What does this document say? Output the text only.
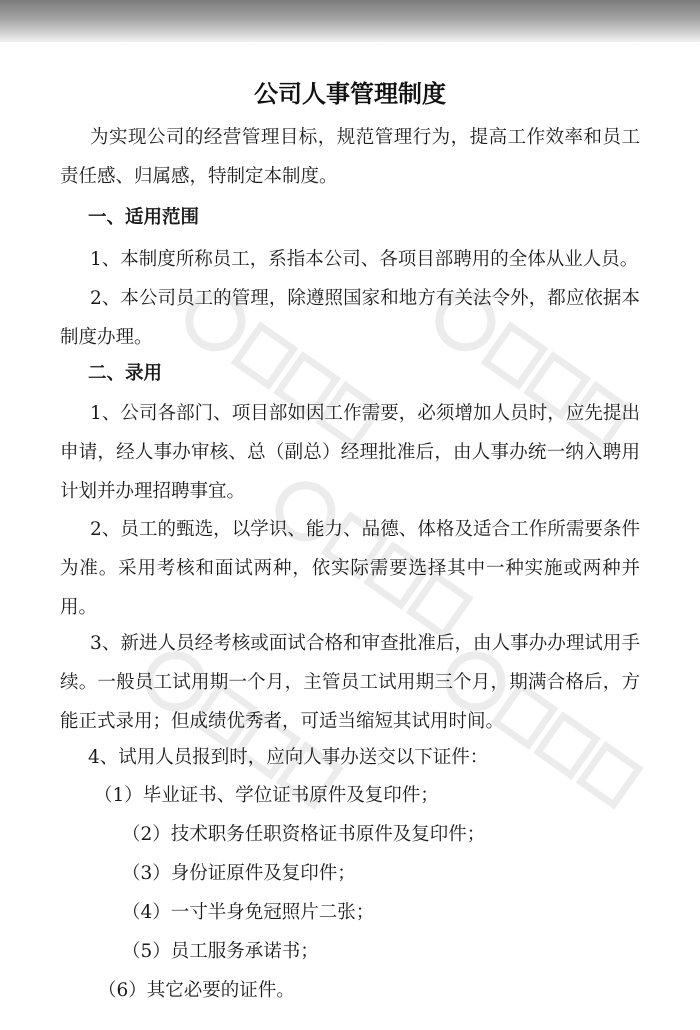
公司人事管理制度

为实现公司的经营管理目标，规范管理行为，提高工作效率和员工责任感、归属感，特制定本制度。

一、适用范围

1、本制度所称员工，系指本公司、各项目部聘用的全体从业人员。

2、本公司员工的管理，除遵照国家和地方有关法令外，都应依据本制度办理。

二、录用

1、公司各部门、项目部如因工作需要，必须增加人员时，应先提出申请，经人事办审核、总（副总）经理批准后，由人事办统一纳入聘用计划并办理招聘事宜。

2、员工的甄选，以学识、能力、品德、体格及适合工作所需要条件为准。采用考核和面试两种，依实际需要选择其中一种实施或两种并用。

3、新进人员经考核或面试合格和审查批准后，由人事办办理试用手续。一般员工试用期一个月，主管员工试用期三个月，期满合格后，方能正式录用；但成绩优秀者，可适当缩短其试用时间。

4、试用人员报到时，应向人事办送交以下证件：

（1）毕业证书、学位证书原件及复印件；

（2）技术职务任职资格证书原件及复印件；

（3）身份证原件及复印件；

（4）一寸半身免冠照片二张；

（5）员工服务承诺书；

（6）其它必要的证件。
